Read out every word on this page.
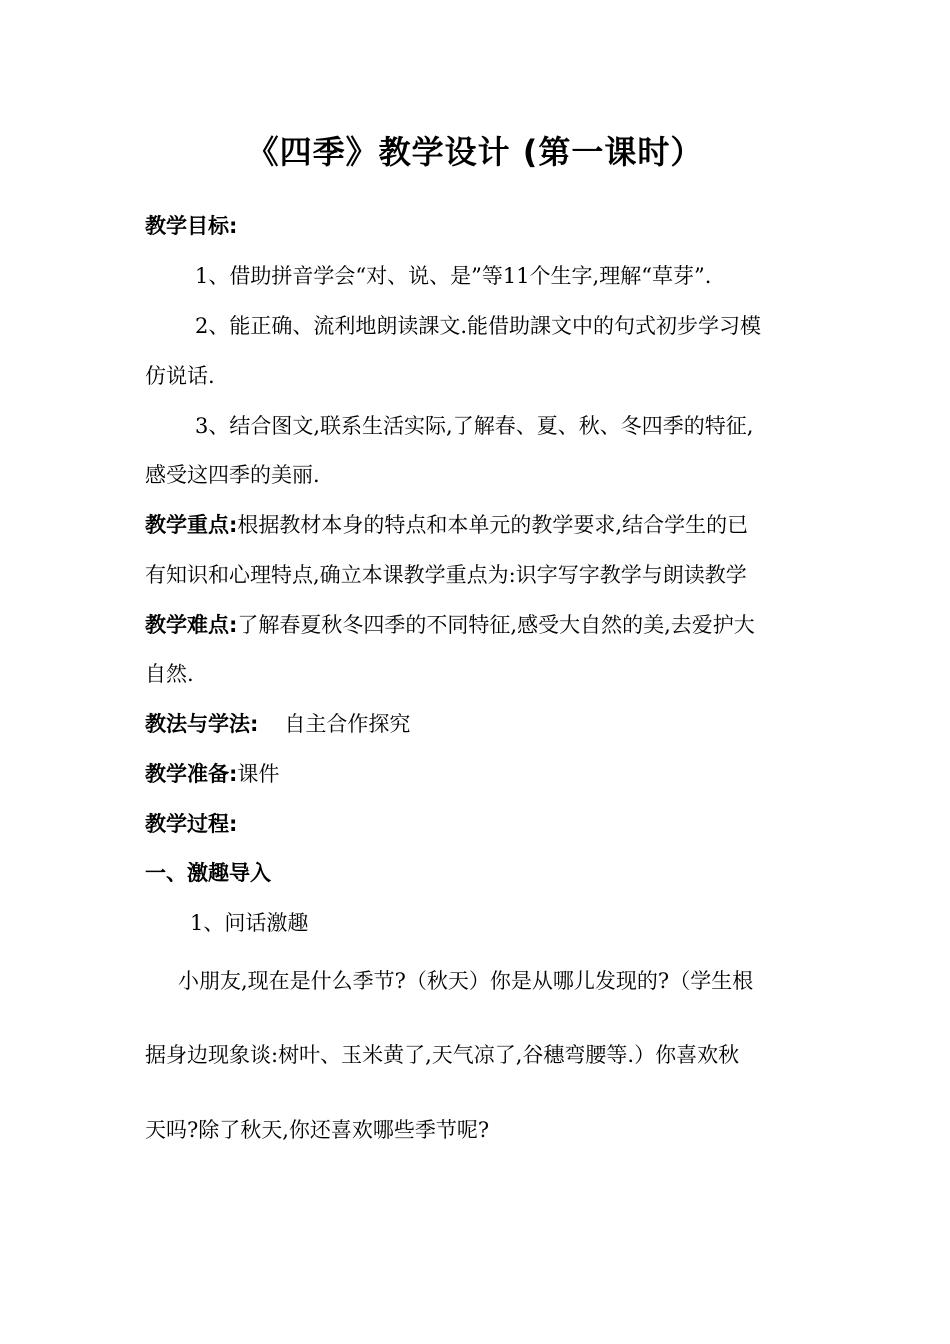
《四季》教学设计 (第一课时）
教学目标:
1、借助拼音学会“对、说、是”等11个生字,理解“草芽”.
2、能正确、流利地朗读課文.能借助課文中的句式初步学习模
仿说话.
3、结合图文,联系生活实际,了解春、夏、秋、冬四季的特征,
感受这四季的美丽.
教学重点:根据教材本身的特点和本单元的教学要求,结合学生的已
有知识和心理特点,确立本课教学重点为:识字写字教学与朗读教学
教学难点:了解春夏秋冬四季的不同特征,感受大自然的美,去爱护大
自然.
教法与学法: 自主合作探究
教学准备:课件
教学过程:
一、激趣导入
1、问话激趣
小朋友,现在是什么季节?（秋天）你是从哪儿发现的?（学生根
据身边现象谈:树叶、玉米黄了,天气凉了,谷穗弯腰等.）你喜欢秋
天吗?除了秋天,你还喜欢哪些季节呢?
